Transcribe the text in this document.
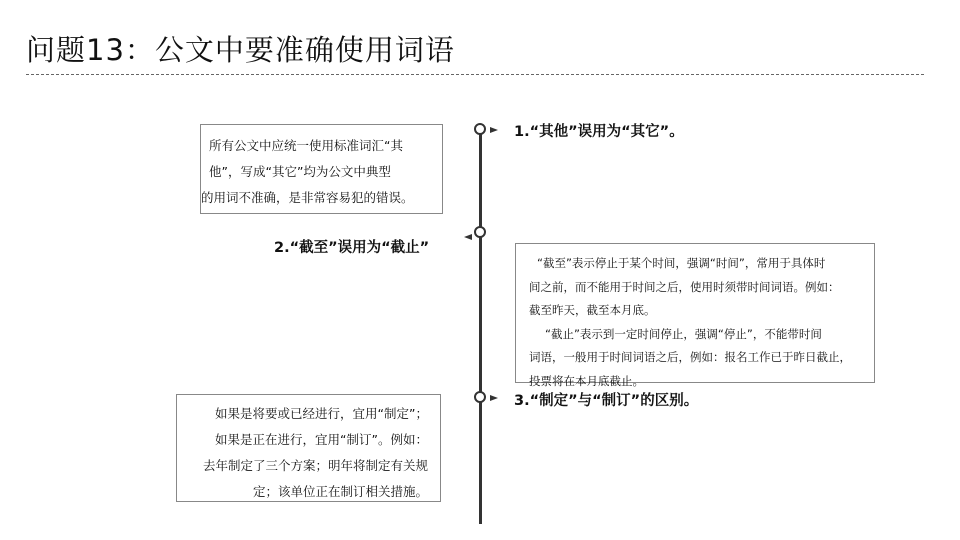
问题13：公文中要准确使用词语
1.“其他”误用为“其它”。

所有公文中应统一使用标准词汇“其

他”，写成“其它”均为公文中典型

的用词不准确，是非常容易犯的错误。

2.“截至”误用为“截止”

“截至”表示停止于某个时间，强调“时间”，常用于具体时

间之前，而不能用于时间之后，使用时须带时间词语。例如：

截至昨天，截至本月底。

“截止”表示到一定时间停止，强调“停止”，不能带时间

词语，一般用于时间词语之后，例如：报名工作已于昨日截止，

投票将在本月底截止。

3.“制定”与“制订”的区别。

如果是将要或已经进行，宜用“制定”；

如果是正在进行，宜用“制订”。例如：

去年制定了三个方案；明年将制定有关规

定；该单位正在制订相关措施。
